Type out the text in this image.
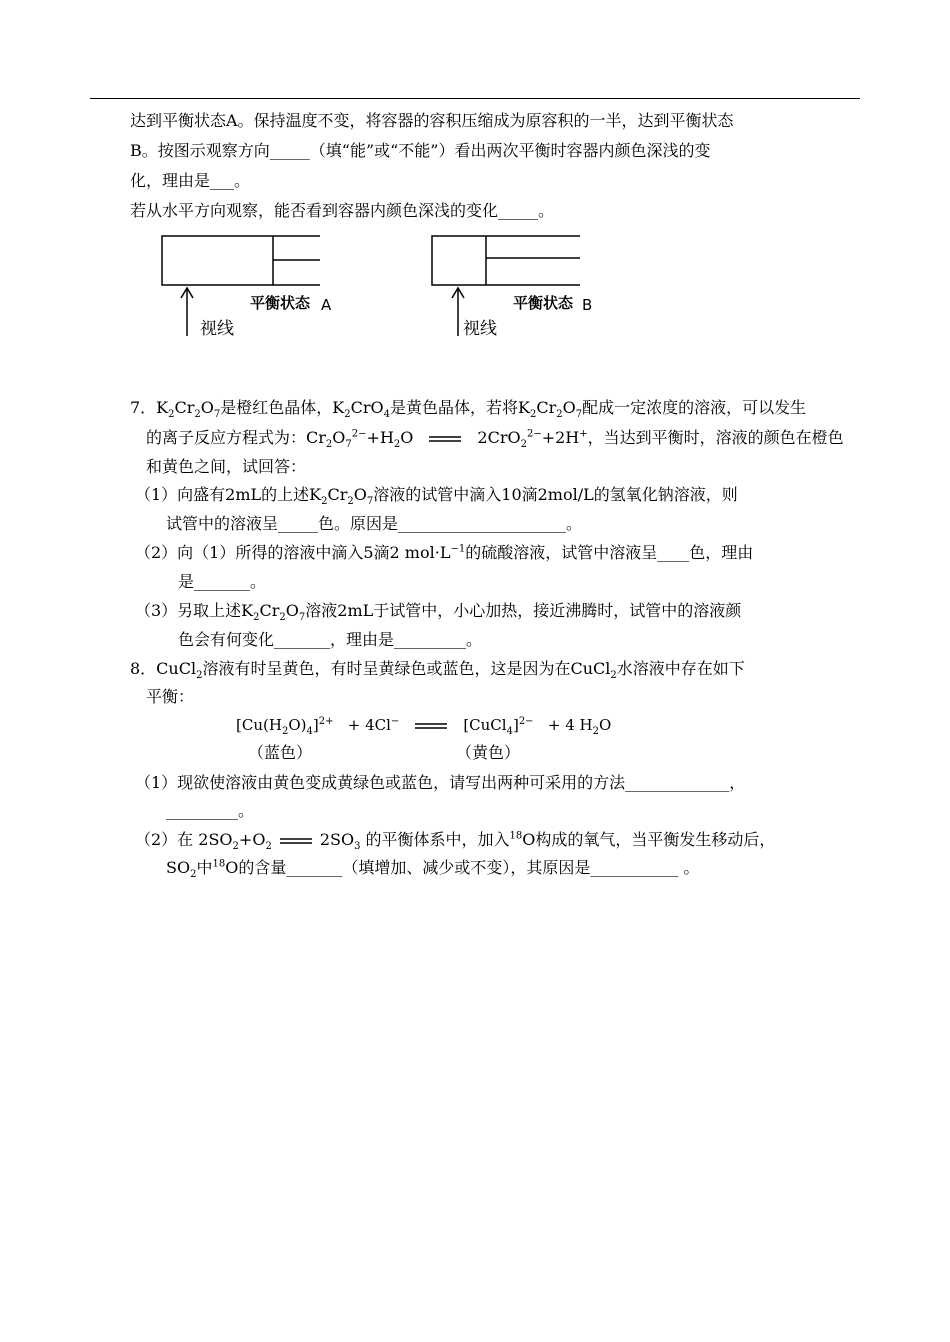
达到平衡状态A。保持温度不变，将容器的容积压缩成为原容积的一半，达到平衡状态
B。按图示观察方向_____（填“能”或“不能”）看出两次平衡时容器内颜色深浅的变
化，理由是___。
若从水平方向观察，能否看到容器内颜色深浅的变化_____。
平衡状态 A
视线
平衡状态 B
视线
7．$K_2Cr_2O_7$是橙红色晶体，$K_2CrO_4$是黄色晶体，若将$K_2Cr_2O_7$配成一定浓度的溶液，可以发生
的离子反应方程式为：$Cr_2O_7^{2-}+H_2O$	2CrO$_2^{2-}$+2H+，当达到平衡时，溶液的颜色在橙色
和黄色之间，试回答：
（1）向盛有2mL的上述$K_2Cr_2O_7$溶液的试管中滴入10滴2mol/L的氢氧化钠溶液，则
试管中的溶液呈_____色。原因是_____________________。
（2）向（1）所得的溶液中滴入5滴2 $mol\cdot L^{-1}$的硫酸溶液，试管中溶液呈____色，理由
是_______。
（3）另取上述$K_2Cr_2O_7$溶液2mL于试管中，小心加热，接近沸腾时，试管中的溶液颜
色会有何变化_______，理由是_________。
8．CuCl$_2$溶液有时呈黄色，有时呈黄绿色或蓝色，这是因为在CuCl$_2$水溶液中存在如下
平衡：
$[Cu(H_2O)_4]^{2+} + 4Cl^-$	[CuCl$_4$]$^{2-}$ + 4 $H_2O$
（蓝色）	（黄色）
（1）现欲使溶液由黄色变成黄绿色或蓝色，请写出两种可采用的方法_____________，
_________。
（2）在 $2SO_2+O_2$	$2SO_3$ 的平衡体系中，加入$^{18}$O构成的氧气，当平衡发生移动后，
$SO_2$中$^{18}$O的含量_______（填增加、减少或不变），其原因是___________ 。
